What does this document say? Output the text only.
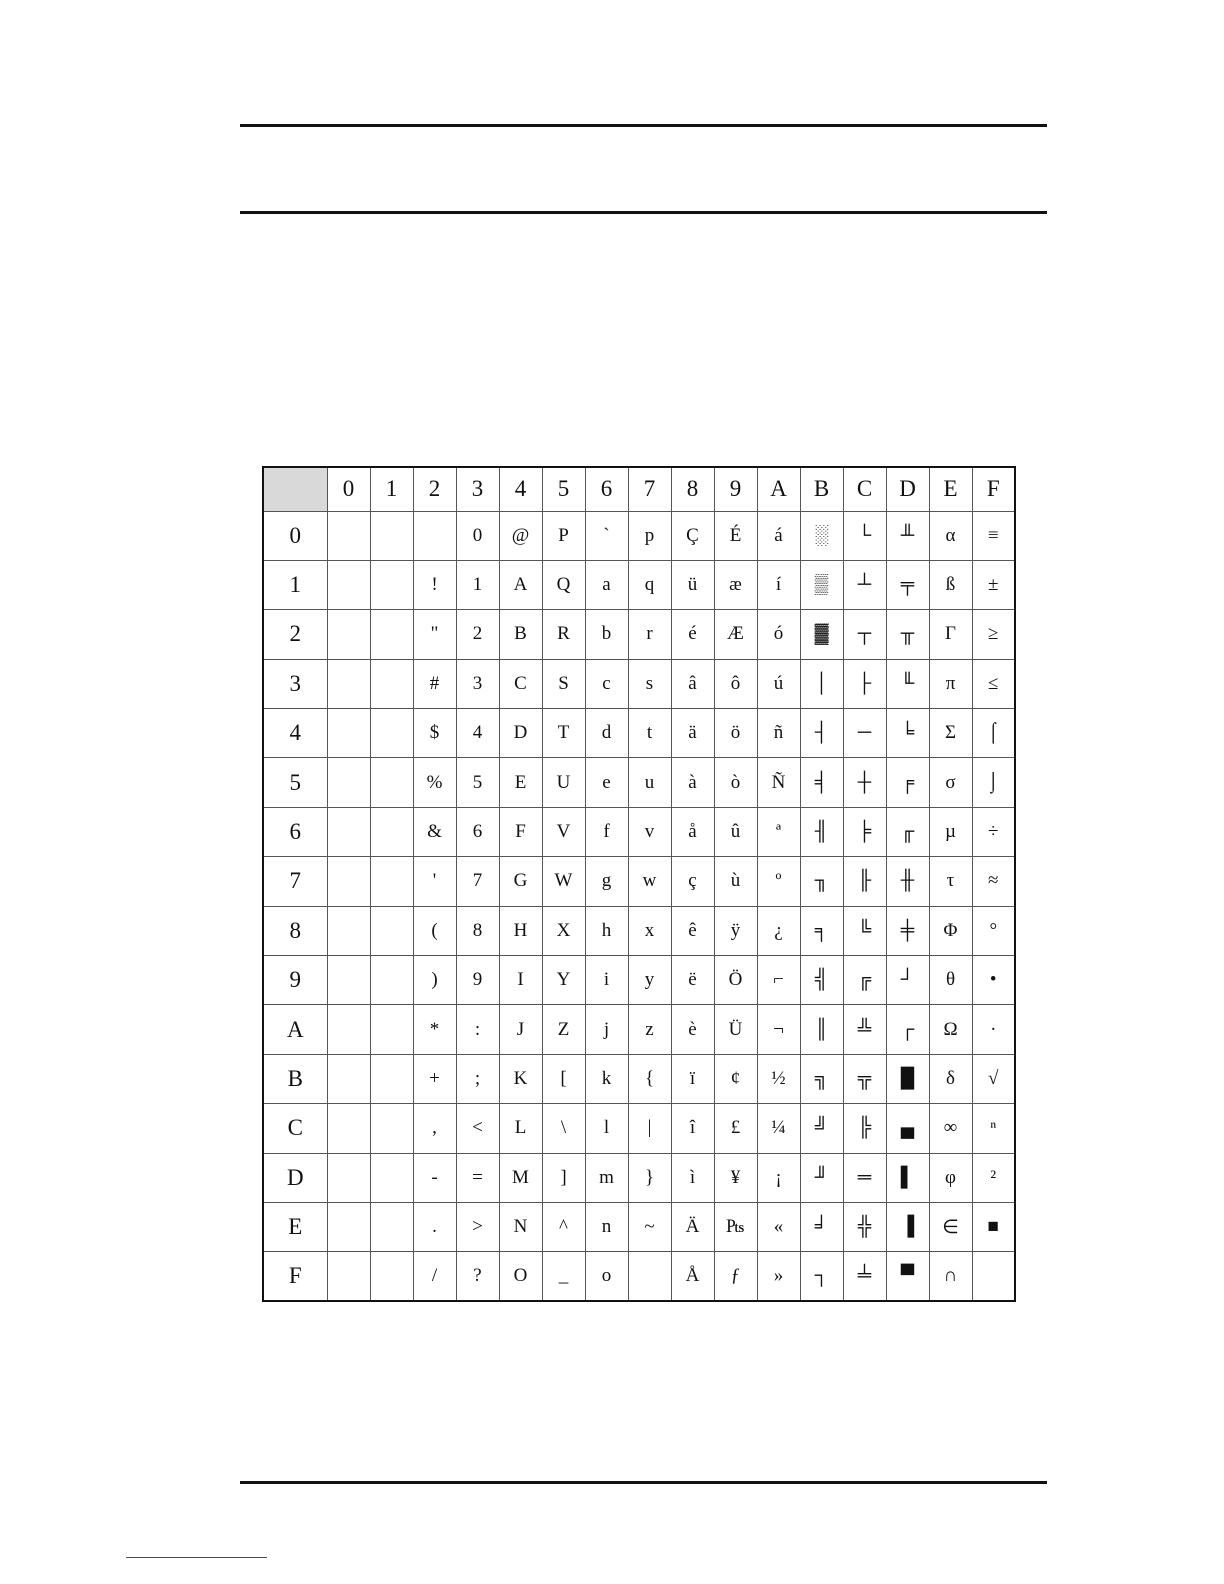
	0	1	2	3	4	5	6	7	8	9	A	B	C	D	E	F
0				0	@	P	`	p	Ç	É	á	░	└	╨	α	≡
1			!	1	A	Q	a	q	ü	æ	í	▒	┴	╤	ß	±
2			"	2	B	R	b	r	é	Æ	ó	▓	┬	╥	Γ	≥
3			#	3	C	S	c	s	â	ô	ú	│	├	╙	π	≤
4			$	4	D	T	d	t	ä	ö	ñ	┤	─	╘	Σ	⌠
5			%	5	E	U	e	u	à	ò	Ñ	╡	┼	╒	σ	⌡
6			&	6	F	V	f	v	å	û	ª	╢	╞	╓	µ	÷
7			'	7	G	W	g	w	ç	ù	º	╖	╟	╫	τ	≈
8			(	8	H	X	h	x	ê	ÿ	¿	╕	╚	╪	Φ	°
9			)	9	I	Y	i	y	ë	Ö	⌐	╣	╔	┘	θ	•
A			*	:	J	Z	j	z	è	Ü	¬	║	╩	┌	Ω	·
B			+	;	K	[	k	{	ï	¢	½	╗	╦	█	δ	√
C			,	<	L	\	l	|	î	£	¼	╝	╠	▄	∞	ⁿ
D			-	=	M	]	m	}	ì	¥	¡	╜	═	▌	φ	²
E			.	>	N	^	n	~	Ä	₧	«	╛	╬	▐	∈	■
F			/	?	O	_	o		Å	ƒ	»	┐	╧	▀	∩	
